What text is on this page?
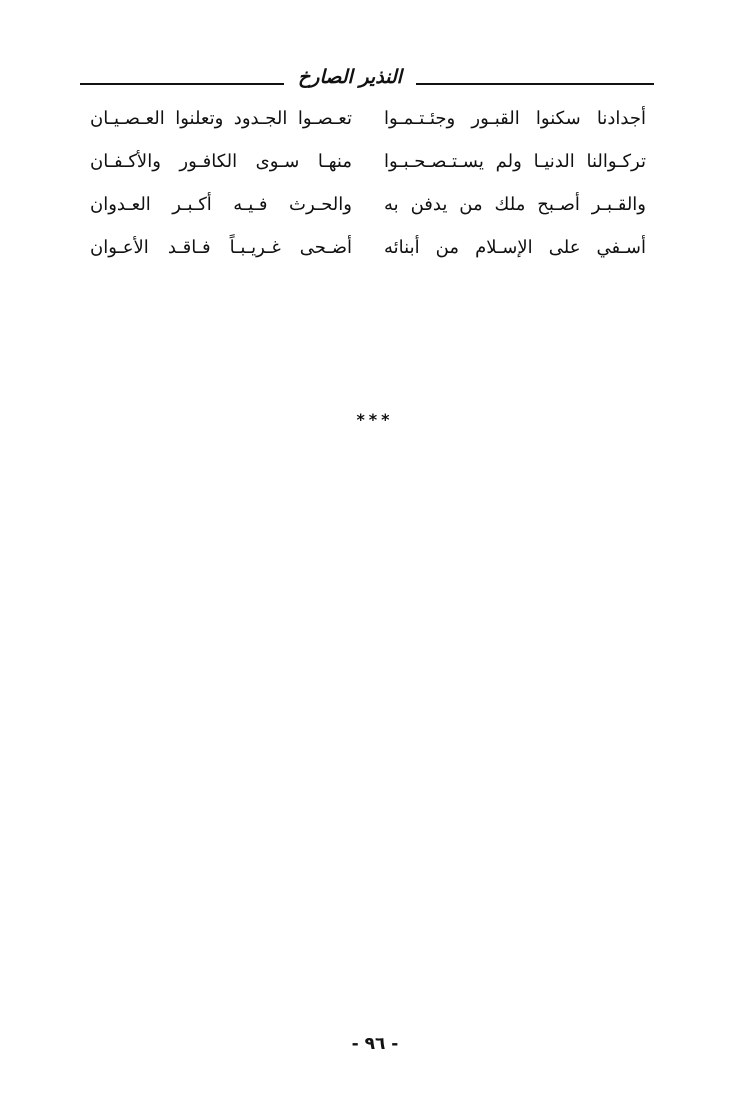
النذير الصارخ
أجدادنا سكنوا القبـور وجئـتـمـوا
تعـصـوا الجـدود وتعلنوا العـصـيـان
تركـوالنا الدنيـا ولم يسـتـصـحـبـوا
منهـا سـوى الكافـور والأكـفـان
والقـبـر أصـبح ملك من يدفن به
والحـرث فـيـه أكـبـر العـدوان
أسـفي على الإسـلام من أبنائه
أضـحى غـريـبـاً فـاقـد الأعـوان
***
- ٩٦ -
